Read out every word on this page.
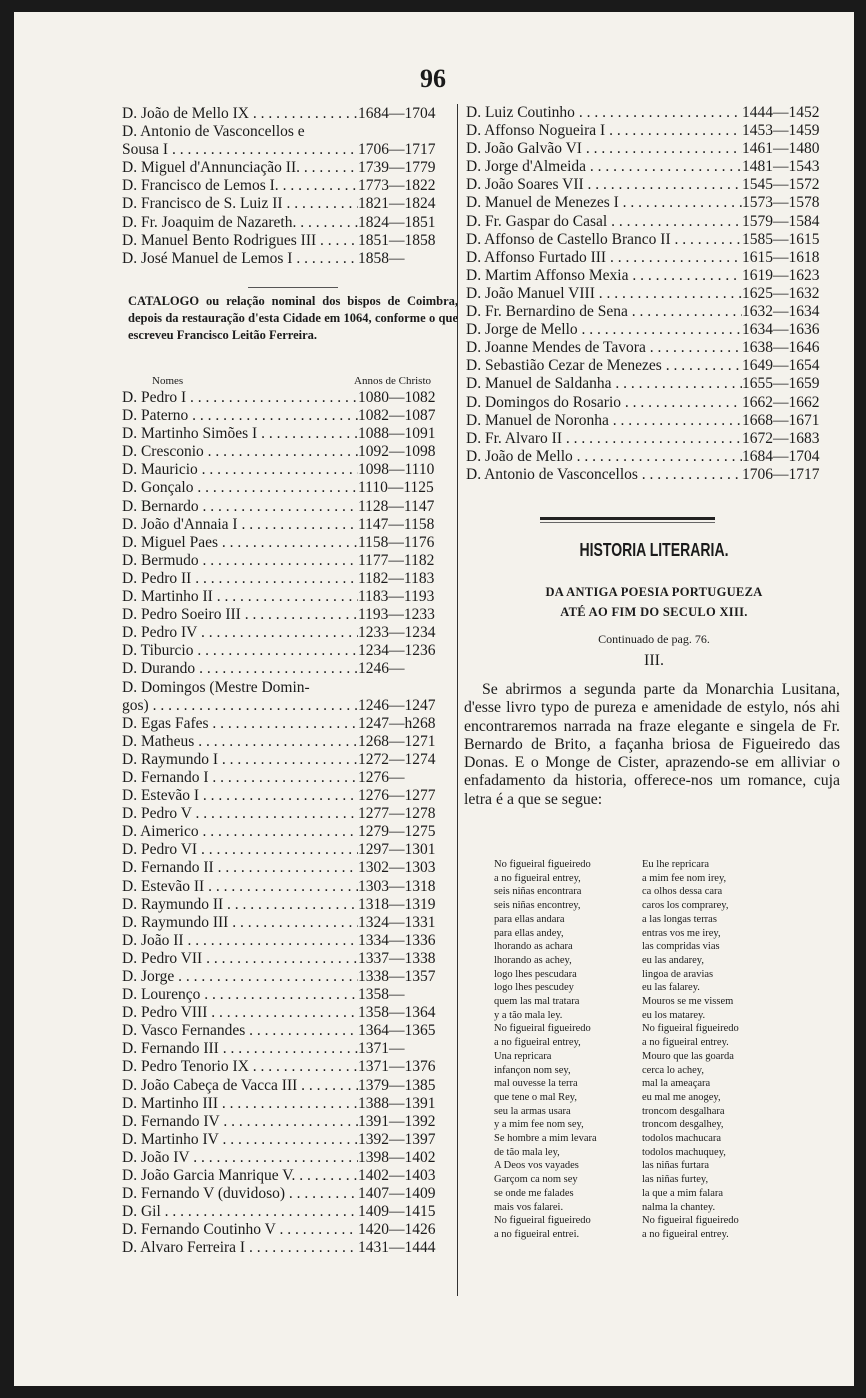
96
D. João de Mello IX . . .	1684—1704
D. Antonio de Vasconcellos e
Sousa I . . .	1706—1717
D. Miguel d'Annunciação II. . . .	1739—1779
D. Francisco de Lemos I. . . .	1773—1822
D. Francisco de S. Luiz II . . .	1821—1824
D. Fr. Joaquim de Nazareth. . . .	1824—1851
D. Manuel Bento Rodrigues III . . .	1851—1858
D. José Manuel de Lemos I . . .	1858—
CATALOGO ou relação nominal dos bispos de Coimbra, depois da restauração d'esta Cidade em 1064, conforme o que escreveu Francisco Leitão Ferreira.
Nomes	Annos de Christo
D. Pedro I . . .	1080—1082
D. Paterno . . .	1082—1087
D. Martinho Simões I . . .	1088—1091
D. Cresconio . . .	1092—1098
D. Mauricio . . .	1098—1110
D. Gonçalo . . .	1110—1125
D. Bernardo . . .	1128—1147
D. João d'Annaia I . . .	1147—1158
D. Miguel Paes . . .	1158—1176
D. Bermudo . . .	1177—1182
D. Pedro II . . .	1182—1183
D. Martinho II . . .	1183—1193
D. Pedro Soeiro III . . .	1193—1233
D. Pedro IV . . .	1233—1234
D. Tiburcio . . .	1234—1236
D. Durando . . .	1246—
D. Domingos (Mestre Domin-
gos) . . .	1246—1247
D. Egas Fafes . . .	1247—h268
D. Matheus . . .	1268—1271
D. Raymundo I . . .	1272—1274
D. Fernando I . . .	1276—
D. Estevão I . . .	1276—1277
D. Pedro V . . .	1277—1278
D. Aimerico . . .	1279—1275
D. Pedro VI . . .	1297—1301
D. Fernando II . . .	1302—1303
D. Estevão II . . .	1303—1318
D. Raymundo II . . .	1318—1319
D. Raymundo III . . .	1324—1331
D. João II . . .	1334—1336
D. Pedro VII . . .	1337—1338
D. Jorge . . .	1338—1357
D. Lourenço . . .	1358—
D. Pedro VIII . . .	1358—1364
D. Vasco Fernandes . . .	1364—1365
D. Fernando III . . .	1371—
D. Pedro Tenorio IX . . .	1371—1376
D. João Cabeça de Vacca III . . .	1379—1385
D. Martinho III . . .	1388—1391
D. Fernando IV . . .	1391—1392
D. Martinho IV . . .	1392—1397
D. João IV . . .	1398—1402
D. João Garcia Manrique V. . . .	1402—1403
D. Fernando V (duvidoso) . . .	1407—1409
D. Gil . . .	1409—1415
D. Fernando Coutinho V . . .	1420—1426
D. Alvaro Ferreira I . . .	1431—1444
D. Luiz Coutinho . . .	1444—1452
D. Affonso Nogueira I . . .	1453—1459
D. João Galvão VI . . .	1461—1480
D. Jorge d'Almeida . . .	1481—1543
D. João Soares VII . . .	1545—1572
D. Manuel de Menezes I . . .	1573—1578
D. Fr. Gaspar do Casal . . .	1579—1584
D. Affonso de Castello Branco II . . .	1585—1615
D. Affonso Furtado III . . .	1615—1618
D. Martim Affonso Mexia . . .	1619—1623
D. João Manuel VIII . . .	1625—1632
D. Fr. Bernardino de Sena . . .	1632—1634
D. Jorge de Mello . . .	1634—1636
D. Joanne Mendes de Tavora . . .	1638—1646
D. Sebastião Cezar de Menezes . . .	1649—1654
D. Manuel de Saldanha . . .	1655—1659
D. Domingos do Rosario . . .	1662—1662
D. Manuel de Noronha . . .	1668—1671
D. Fr. Alvaro II . . .	1672—1683
D. João de Mello . . .	1684—1704
D. Antonio de Vasconcellos . . .	1706—1717
HISTORIA LITERARIA.
DA ANTIGA POESIA PORTUGUEZA
ATÉ AO FIM DO SECULO XIII.
Continuado de pag. 76.
III.
Se abrirmos a segunda parte da Monarchia Lusitana, d'esse livro typo de pureza e amenidade de estylo, nós ahi encontraremos narrada na fraze elegante e singela de Fr. Bernardo de Brito, a façanha briosa de Figueiredo das Donas. E o Monge de Cister, aprazendo-se em alliviar o enfadamento da historia, offerece-nos um romance, cuja letra é a que se segue:
No figueiral figueiredo
a no figueiral entrey,
seis niñas encontrara
seis niñas encontrey,
para ellas andara
para ellas andey,
lhorando as achara
lhorando as achey,
logo lhes pescudara
logo lhes pescudey
quem las mal tratara
y a tão mala ley.
No figueiral figueiredo
a no figueiral entrey,
Una repricara
infançon nom sey,
mal ouvesse la terra
que tene o mal Rey,
seu la armas usara
y a mim fee nom sey,
Se hombre a mim levara
de tão mala ley,
A Deos vos vayades
Garçom ca nom sey
se onde me falades
mais vos falarei.
No figueiral figueiredo
a no figueiral entrei.
Eu lhe repricara
a mim fee nom irey,
ca olhos dessa cara
caros los comprarey,
a las longas terras
entras vos me irey,
las compridas vias
eu las andarey,
lingoa de aravias
eu las falarey.
Mouros se me vissem
eu los matarey.
No figueiral figueiredo
a no figueiral entrey.
Mouro que las goarda
cerca lo achey,
mal la ameaçara
eu mal me anogey,
troncom desgalhara
troncom desgalhey,
todolos machucara
todolos machuquey,
las niñas furtara
las niñas furtey,
la que a mim falara
nalma la chantey.
No figueiral figueiredo
a no figueiral entrey.
